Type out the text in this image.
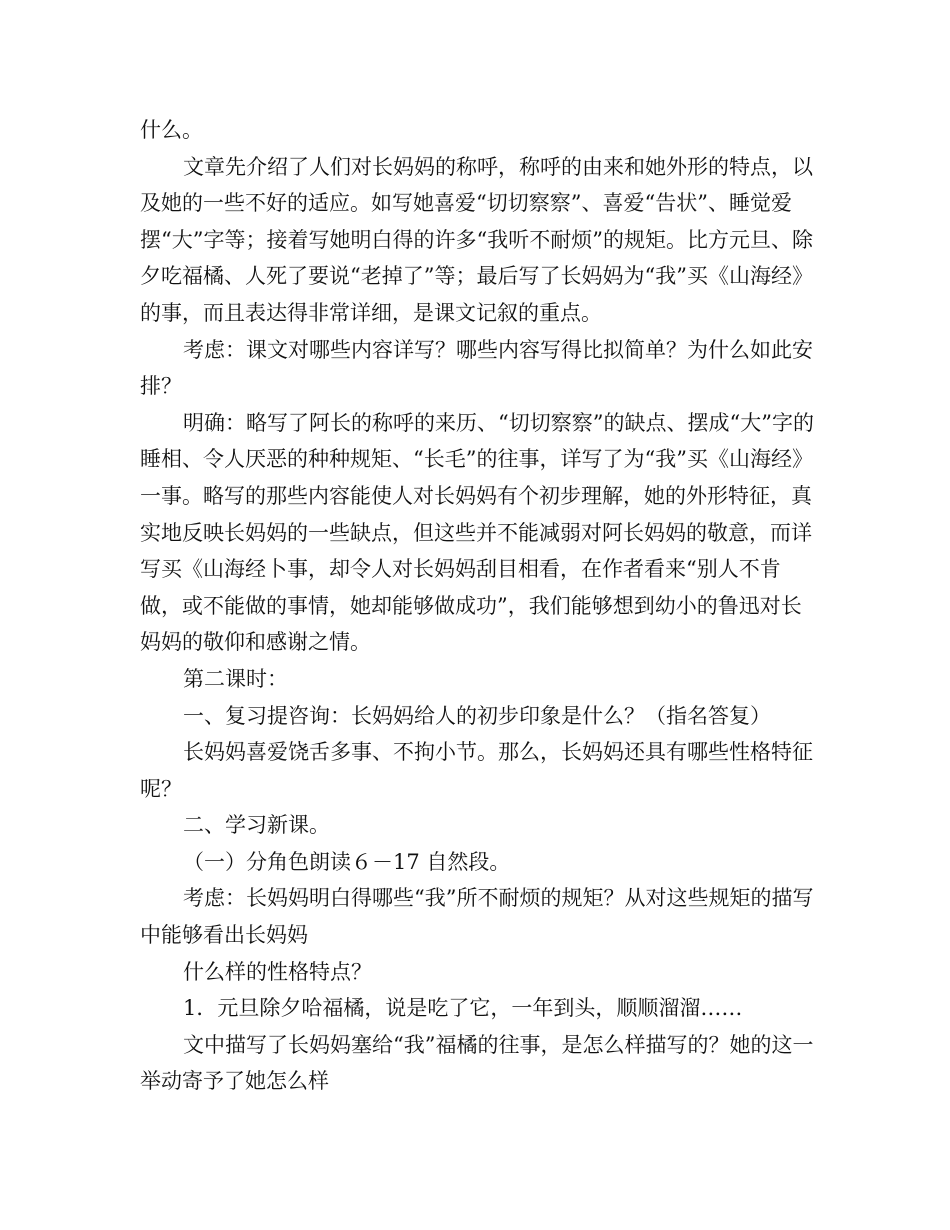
什么。

文章先介绍了人们对长妈妈的称呼，称呼的由来和她外形的特点，以及她的一些不好的适应。如写她喜爱“切切察察”、喜爱“告状”、睡觉爱摆“大”字等；接着写她明白得的许多“我听不耐烦”的规矩。比方元旦、除夕吃福橘、人死了要说“老掉了”等；最后写了长妈妈为“我”买《山海经》的事，而且表达得非常详细，是课文记叙的重点。

考虑：课文对哪些内容详写？哪些内容写得比拟简单？为什么如此安排？

明确：略写了阿长的称呼的来历、“切切察察”的缺点、摆成“大”字的睡相、令人厌恶的种种规矩、“长毛”的往事，详写了为“我”买《山海经》一事。略写的那些内容能使人对长妈妈有个初步理解，她的外形特征，真实地反映长妈妈的一些缺点，但这些并不能减弱对阿长妈妈的敬意，而详写买《山海经卜事，却令人对长妈妈刮目相看，在作者看来“别人不肯做，或不能做的事情，她却能够做成功”，我们能够想到幼小的鲁迅对长妈妈的敬仰和感谢之情。

第二课时：

一、复习提咨询：长妈妈给人的初步印象是什么？（指名答复）

长妈妈喜爱饶舌多事、不拘小节。那么，长妈妈还具有哪些性格特征呢？

二、学习新课。

（一）分角色朗读６－17 自然段。

考虑：长妈妈明白得哪些“我”所不耐烦的规矩？从对这些规矩的描写中能够看出长妈妈

什么样的性格特点？

1．元旦除夕哈福橘，说是吃了它，一年到头，顺顺溜溜……

文中描写了长妈妈塞给“我”福橘的往事，是怎么样描写的？她的这一举动寄予了她怎么样
